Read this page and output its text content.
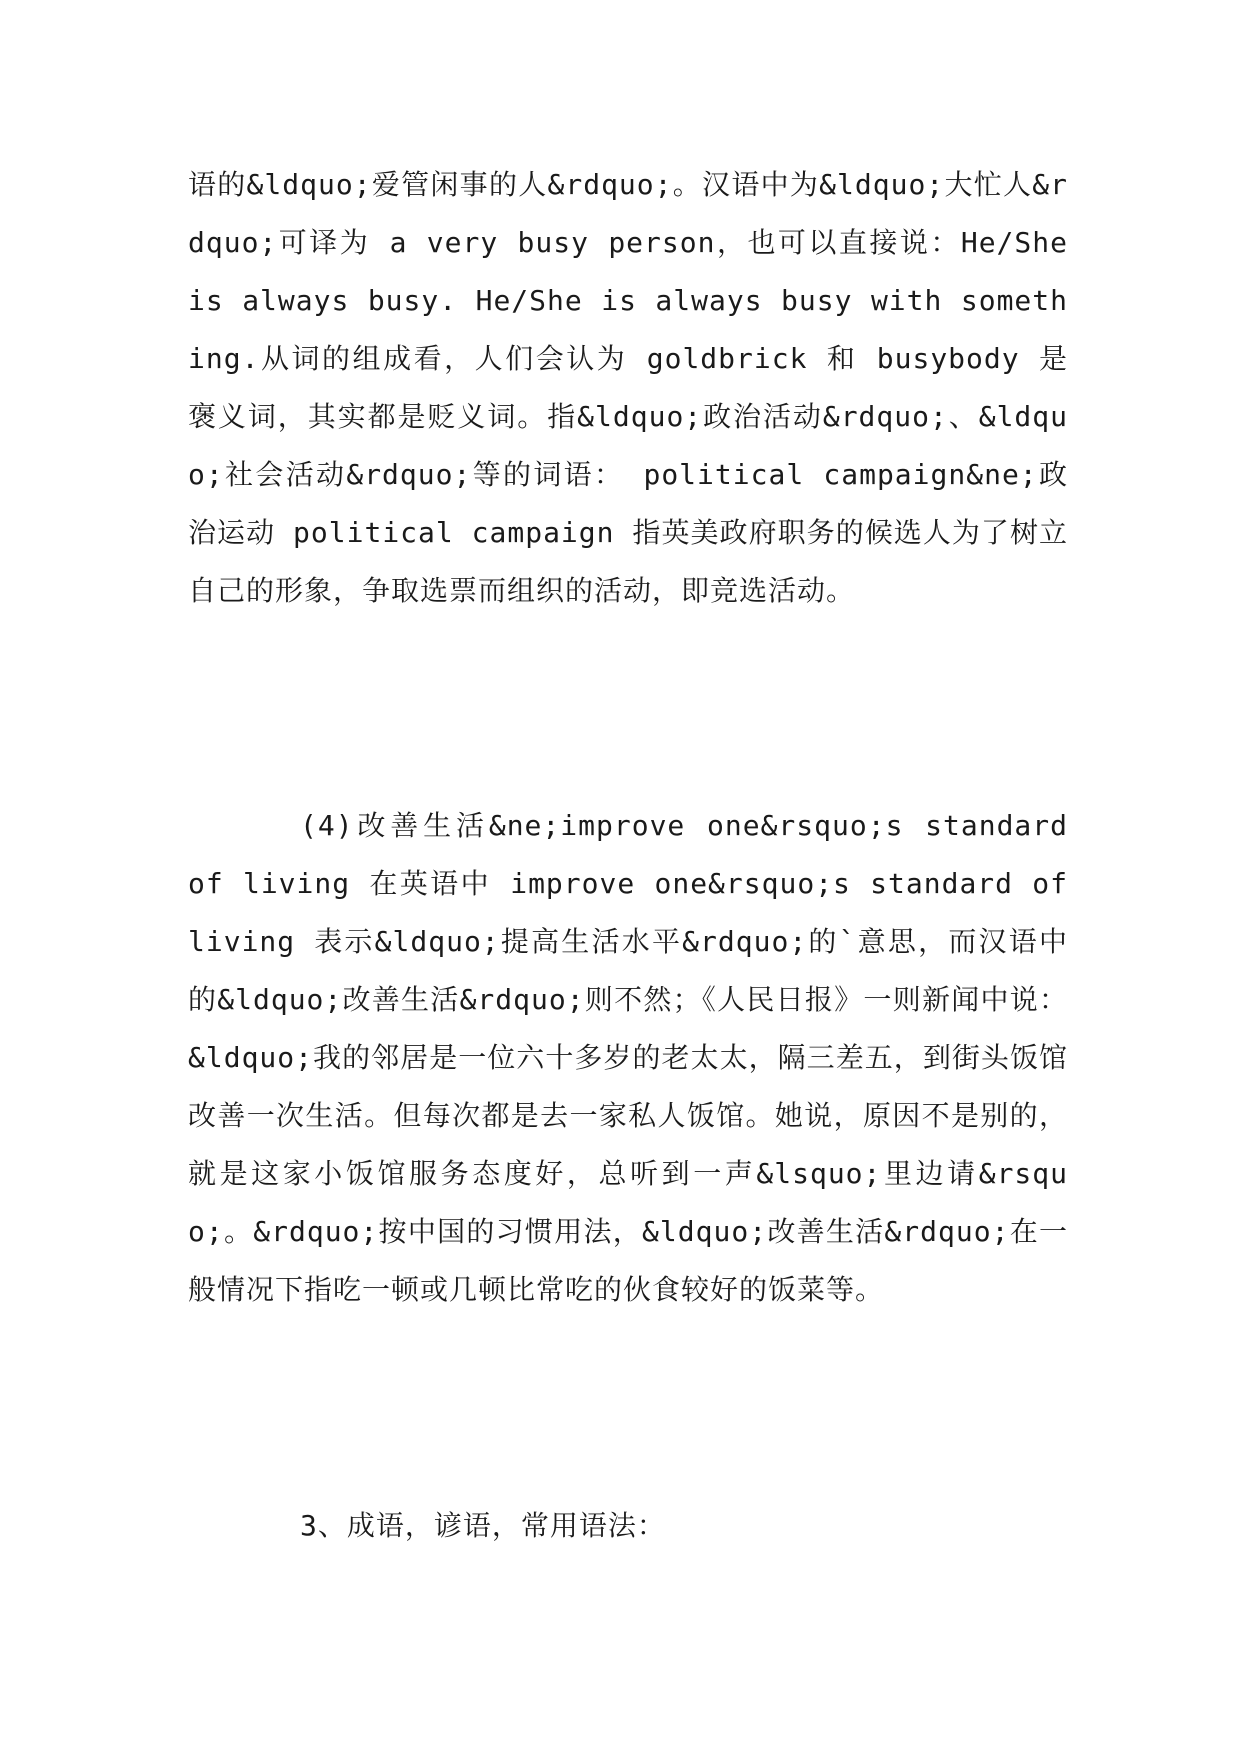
语的&ldquo;爱管闲事的人&rdquo;。汉语中为&ldquo;大忙人&rdquo;可译为 a very busy person，也可以直接说：He/She is always busy. He/She is always busy with something.从词的组成看，人们会认为 goldbrick 和 busybody 是褒义词，其实都是贬义词。指&ldquo;政治活动&rdquo;、&ldquo;社会活动&rdquo;等的词语： political campaign&ne;政治运动 political campaign 指英美政府职务的候选人为了树立自己的形象，争取选票而组织的活动，即竞选活动。

(4)改善生活&ne;improve one&rsquo;s standard of living 在英语中 improve one&rsquo;s standard of living 表示&ldquo;提高生活水平&rdquo;的`意思，而汉语中的&ldquo;改善生活&rdquo;则不然；《人民日报》一则新闻中说：&ldquo;我的邻居是一位六十多岁的老太太，隔三差五，到街头饭馆改善一次生活。但每次都是去一家私人饭馆。她说，原因不是别的，就是这家小饭馆服务态度好，总听到一声&lsquo;里边请&rsquo;。&rdquo;按中国的习惯用法，&ldquo;改善生活&rdquo;在一般情况下指吃一顿或几顿比常吃的伙食较好的饭菜等。

3、成语，谚语，常用语法：
